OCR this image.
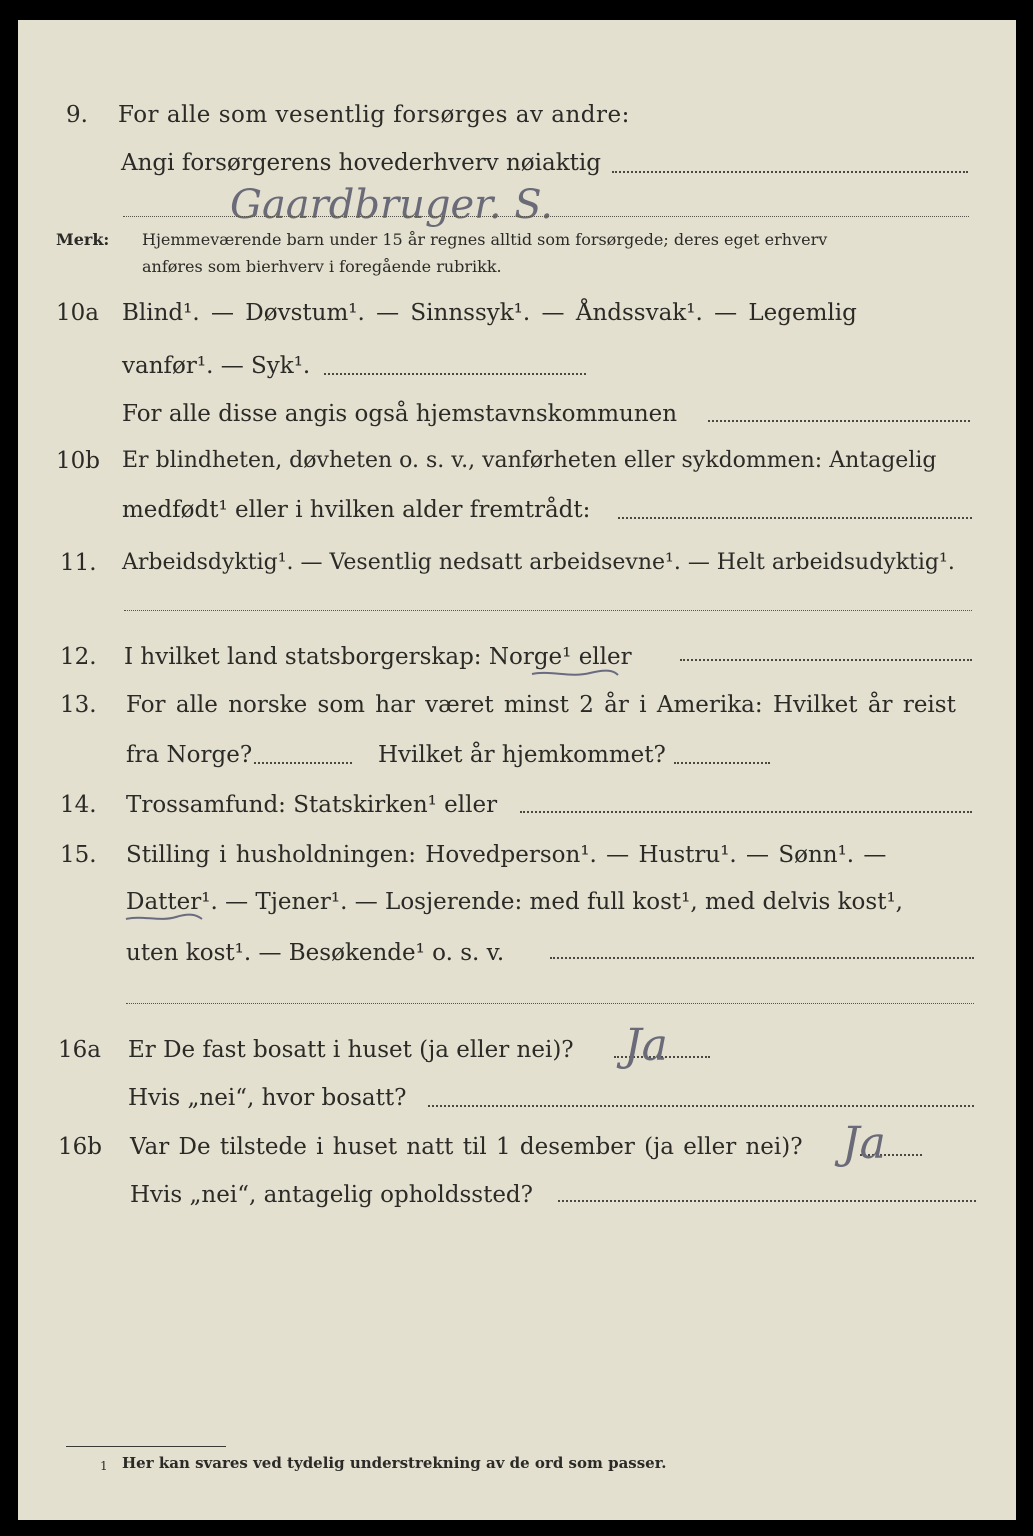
9. For alle som vesentlig forsørges av andre:
Angi forsørgerens hovederhverv nøiaktig
Gaardbruger. S.
Merk: Hjemmeværende barn under 15 år regnes alltid som forsørgede; deres eget erhverv
anføres som bierhverv i foregående rubrikk.
10a Blind¹. — Døvstum¹. — Sinnssyk¹. — Åndssvak¹. — Legemlig
vanfør¹. — Syk¹.
For alle disse angis også hjemstavnskommunen
10b Er blindheten, døvheten o. s. v., vanførheten eller sykdommen: Antagelig
medfødt¹ eller i hvilken alder fremtrådt:
11. Arbeidsdyktig¹. — Vesentlig nedsatt arbeidsevne¹. — Helt arbeidsudyktig¹.
12. I hvilket land statsborgerskap: Norge¹ eller
13. For alle norske som har været minst 2 år i Amerika: Hvilket år reist
fra Norge?	Hvilket år hjemkommet?
14. Trossamfund: Statskirken¹ eller
15. Stilling i husholdningen: Hovedperson¹. — Hustru¹. — Sønn¹. —
Datter¹. — Tjener¹. — Losjerende: med full kost¹, med delvis kost¹,
uten kost¹. — Besøkende¹ o. s. v.
16a Er De fast bosatt i huset (ja eller nei)? Ja
Hvis „nei“, hvor bosatt?
16b Var De tilstede i huset natt til 1 desember (ja eller nei)? Ja
Hvis „nei“, antagelig opholdssted?
1 Her kan svares ved tydelig understrekning av de ord som passer.
